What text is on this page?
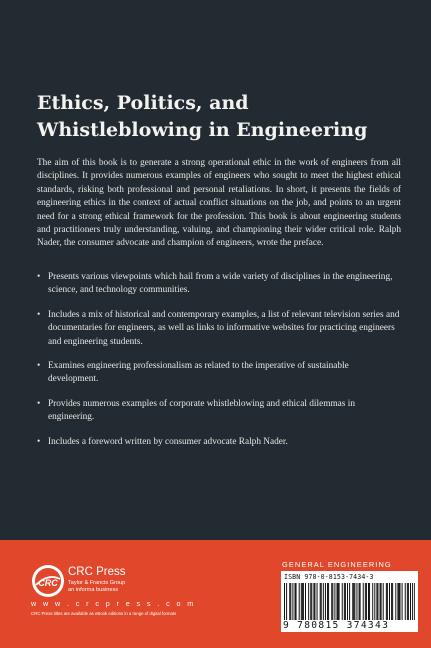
Ethics, Politics, and Whistleblowing in Engineering

The aim of this book is to generate a strong operational ethic in the work of engineers from all disciplines. It provides numerous examples of engineers who sought to meet the highest ethical standards, risking both professional and personal retaliations. In short, it presents the fields of engineering ethics in the context of actual conflict situations on the job, and points to an urgent need for a strong ethical framework for the profession. This book is about engineering students and practitioners truly understanding, valuing, and championing their wider critical role. Ralph Nader, the consumer advocate and champion of engineers, wrote the preface.

• Presents various viewpoints which hail from a wide variety of disciplines in the engineering, science, and technology communities.
• Includes a mix of historical and contemporary examples, a list of relevant television series and documentaries for engineers, as well as links to informative websites for practicing engineers and engineering students.
• Examines engineering professionalism as related to the imperative of sustainable development.
• Provides numerous examples of corporate whistleblowing and ethical dilemmas in engineering.
• Includes a foreword written by consumer advocate Ralph Nader.
CRC

CRC Press

Taylor & Francis Group
an informa business

w w w . c r c p r e s s . c o m

CRC Press titles are available as eBook editions in a range of digital formats

GENERAL ENGINEERING

ISBN 978-0-8153-7434-3

9 780815 374343
